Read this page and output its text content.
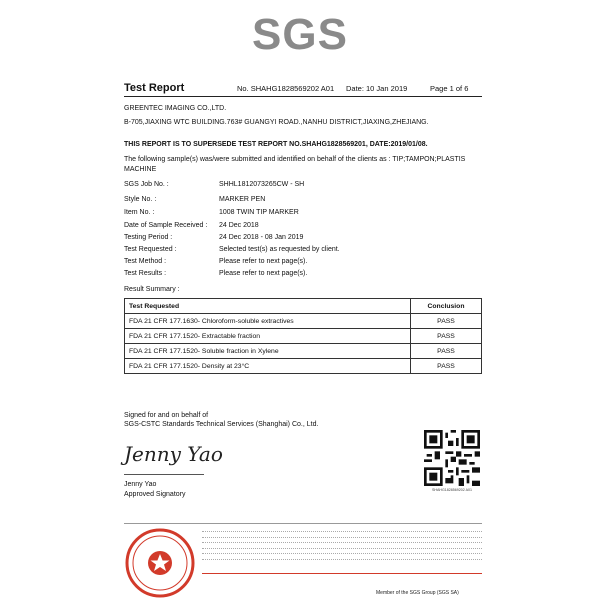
SGS
Test Report	No. SHAHG1828569202 A01 Date: 10 Jan 2019	Page 1 of 6
GREENTEC IMAGING CO.,LTD.
B-705,JIAXING WTC BUILDING.763# GUANGYI ROAD.,NANHU DISTRICT,JIAXING,ZHEJIANG.
THIS REPORT IS TO SUPERSEDE TEST REPORT NO.SHAHG1828569201, DATE:2019/01/08.
The following sample(s) was/were submitted and identified on behalf of the clients as : TIP;TAMPON;PLASTIS
MACHINE
SGS Job No. :	SHHL1812073265CW - SH
Style No. :	MARKER PEN
Item No. :	1008 TWIN TIP MARKER
Date of Sample Received : 24 Dec 2018
Testing Period :	24 Dec 2018 - 08 Jan 2019
Test Requested :	Selected test(s) as requested by client.
Test Method :	Please refer to next page(s).
Test Results :	Please refer to next page(s).
Result Summary :
Test Requested	Conclusion
FDA 21 CFR 177.1630- Chloroform-soluble extractives	PASS
FDA 21 CFR 177.1520- Extractable fraction	PASS
FDA 21 CFR 177.1520- Soluble fraction in Xylene	PASS
FDA 21 CFR 177.1520- Density at 23°C	PASS
Signed for and on behalf of
SGS-CSTC Standards Technical Services (Shanghai) Co., Ltd.
Jenny Yao
Jenny Yao
Approved Signatory
SHAHG1828569202 A01
Member of the SGS Group (SGS SA)
